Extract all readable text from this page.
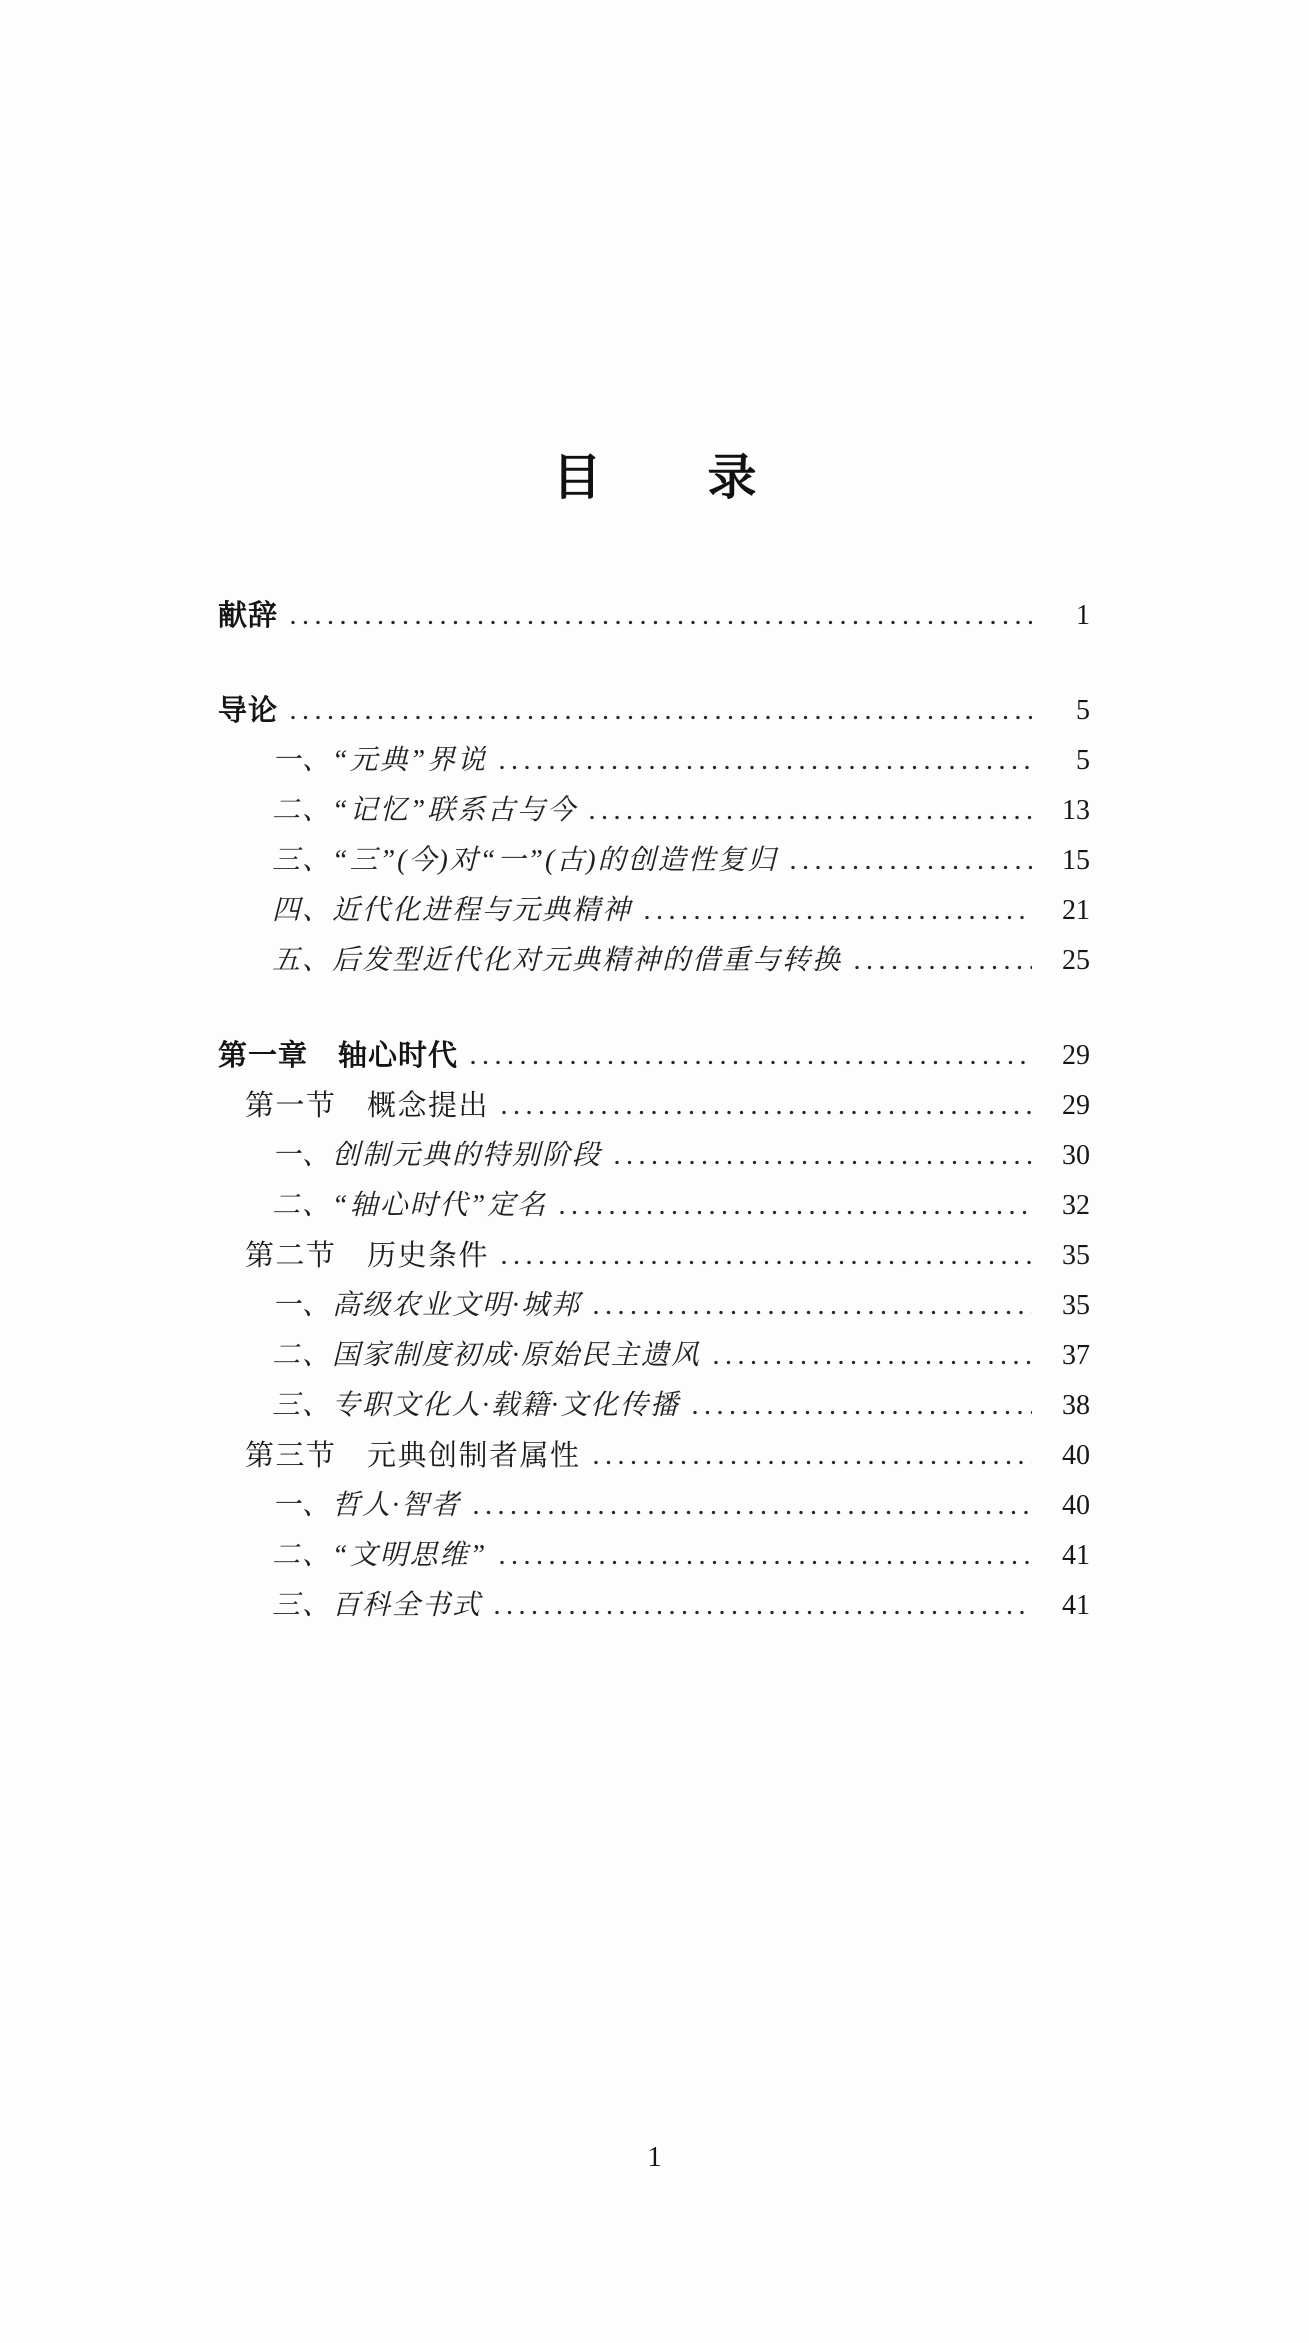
目 录
献辞	1
导论	5
一、“元典”界说	5
二、“记忆”联系古与今	13
三、“三”(今)对“一”(古)的创造性复归	15
四、近代化进程与元典精神	21
五、后发型近代化对元典精神的借重与转换	25
第一章　轴心时代	29
第一节　概念提出	29
一、创制元典的特别阶段	30
二、“轴心时代”定名	32
第二节　历史条件	35
一、高级农业文明·城邦	35
二、国家制度初成·原始民主遗风	37
三、专职文化人·载籍·文化传播	38
第三节　元典创制者属性	40
一、哲人·智者	40
二、“文明思维”	41
三、百科全书式	41
1
